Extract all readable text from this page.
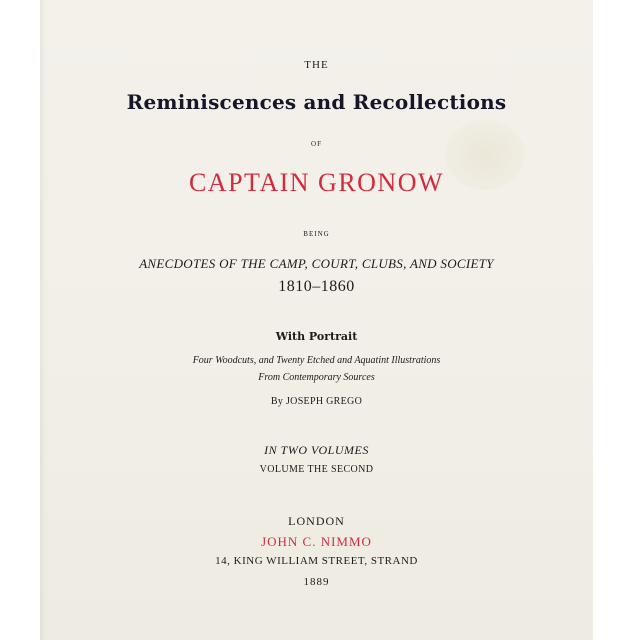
THE
Reminiscences and Recollections
OF
CAPTAIN GRONOW
BEING
ANECDOTES OF THE CAMP, COURT, CLUBS, AND SOCIETY
1810–1860
With Portrait
Four Woodcuts, and Twenty Etched and Aquatint Illustrations
From Contemporary Sources
By JOSEPH GREGO
IN TWO VOLUMES
VOLUME THE SECOND
LONDON
JOHN C. NIMMO
14, KING WILLIAM STREET, STRAND
1889
